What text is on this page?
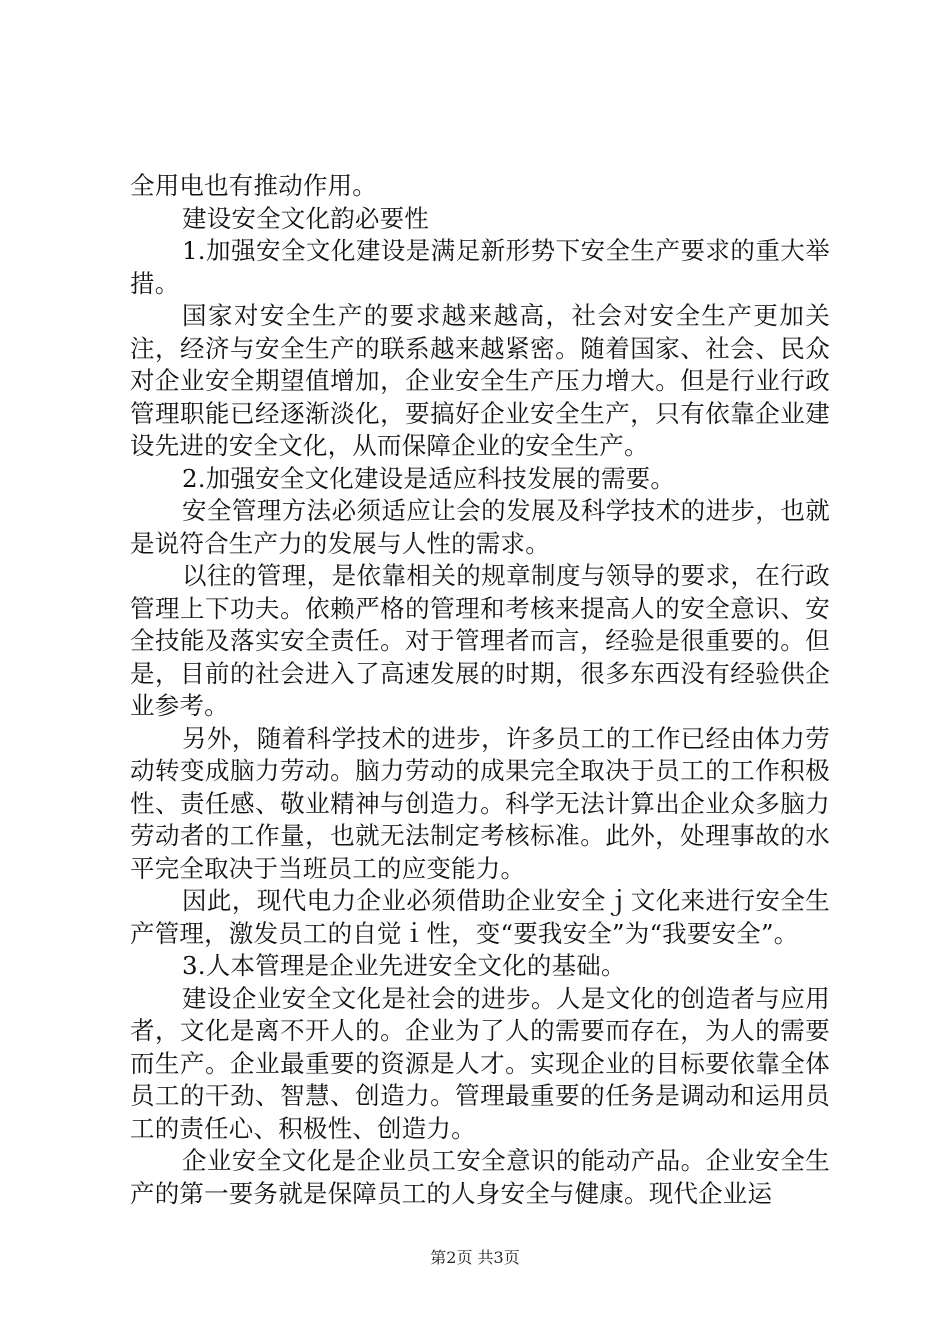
全用电也有推动作用。

建设安全文化韵必要性

1.加强安全文化建设是满足新形势下安全生产要求的重大举措。

国家对安全生产的要求越来越高，社会对安全生产更加关注，经济与安全生产的联系越来越紧密。随着国家、社会、民众对企业安全期望值增加，企业安全生产压力增大。但是行业行政管理职能已经逐渐淡化，要搞好企业安全生产，只有依靠企业建设先进的安全文化，从而保障企业的安全生产。

2.加强安全文化建设是适应科技发展的需要。

安全管理方法必须适应让会的发展及科学技术的进步，也就是说符合生产力的发展与人性的需求。

以往的管理，是依靠相关的规章制度与领导的要求，在行政管理上下功夫。依赖严格的管理和考核来提高人的安全意识、安全技能及落实安全责任。对于管理者而言，经验是很重要的。但是，目前的社会进入了高速发展的时期，很多东西没有经验供企业参考。

另外，随着科学技术的进步，许多员工的工作已经由体力劳动转变成脑力劳动。脑力劳动的成果完全取决于员工的工作积极性、责任感、敬业精神与创造力。科学无法计算出企业众多脑力劳动者的工作量，也就无法制定考核标准。此外，处理事故的水平完全取决于当班员工的应变能力。

因此，现代电力企业必须借助企业安全ｊ文化来进行安全生产管理，激发员工的自觉ｉ性，变“要我安全”为“我要安全”。

3.人本管理是企业先进安全文化的基础。

建设企业安全文化是社会的进步。人是文化的创造者与应用者，文化是离不开人的。企业为了人的需要而存在，为人的需要而生产。企业最重要的资源是人才。实现企业的目标要依靠全体员工的干劲、智慧、创造力。管理最重要的任务是调动和运用员工的责任心、积极性、创造力。

企业安全文化是企业员工安全意识的能动产品。企业安全生产的第一要务就是保障员工的人身安全与健康。现代企业运

第2页 共3页
